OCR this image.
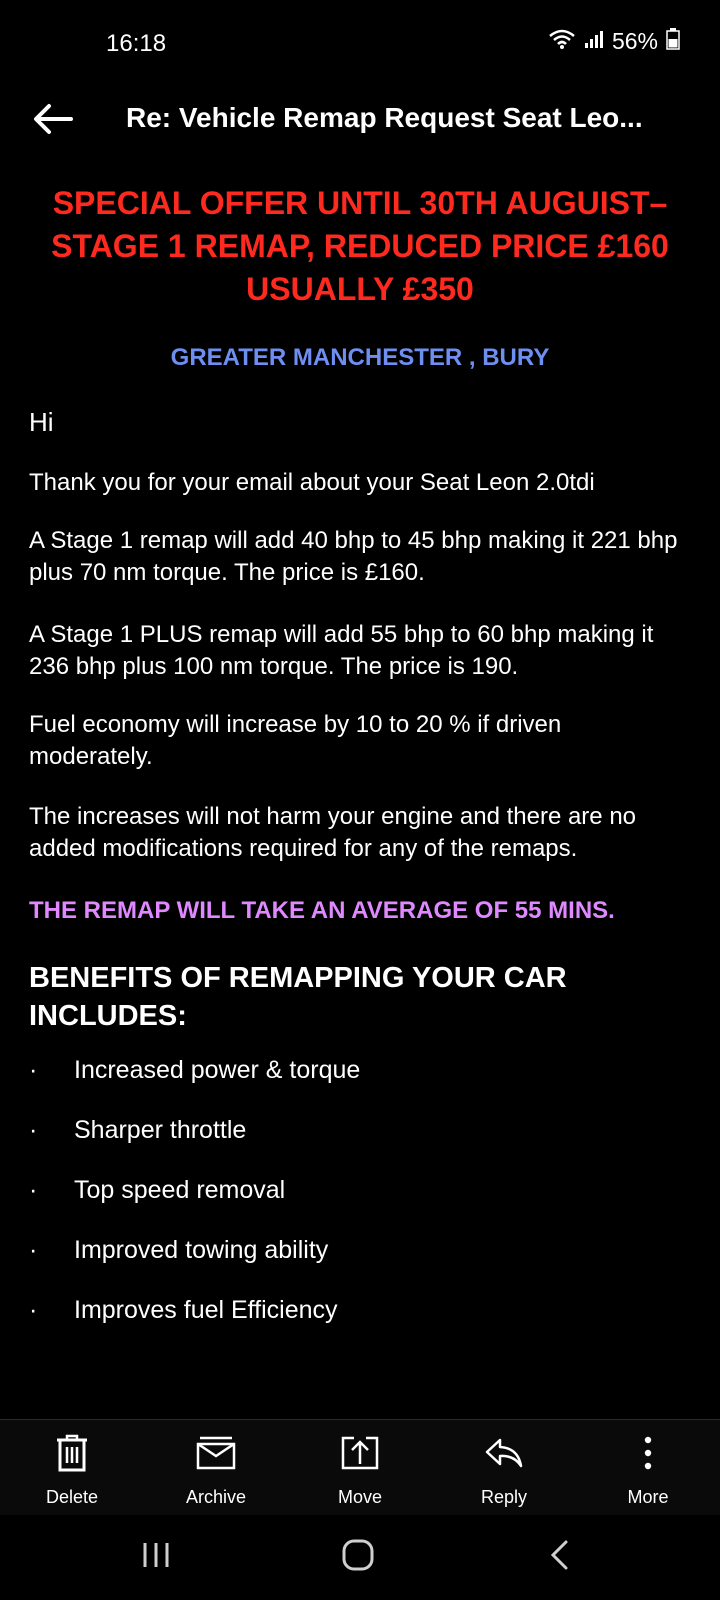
16:18	56%
Re: Vehicle Remap Request Seat Leo...

SPECIAL OFFER UNTIL 30TH AUGUIST– STAGE 1 REMAP, REDUCED PRICE £160 USUALLY £350

GREATER MANCHESTER , BURY

Hi

Thank you for your email about your Seat Leon 2.0tdi

A Stage 1 remap will add 40 bhp to 45 bhp making it 221 bhp plus 70 nm torque. The price is £160.

A Stage 1 PLUS remap will add 55 bhp to 60 bhp making it 236 bhp plus 100 nm torque. The price is 190.

Fuel economy will increase by 10 to 20 % if driven moderately.

The increases will not harm your engine and there are no added modifications required for any of the remaps.

THE REMAP WILL TAKE AN AVERAGE OF 55 MINS.

BENEFITS OF REMAPPING YOUR CAR INCLUDES:

· Increased power & torque
· Sharper throttle
· Top speed removal
· Improved towing ability
· Improves fuel Efficiency
Delete	Archive	Move	Reply	More
